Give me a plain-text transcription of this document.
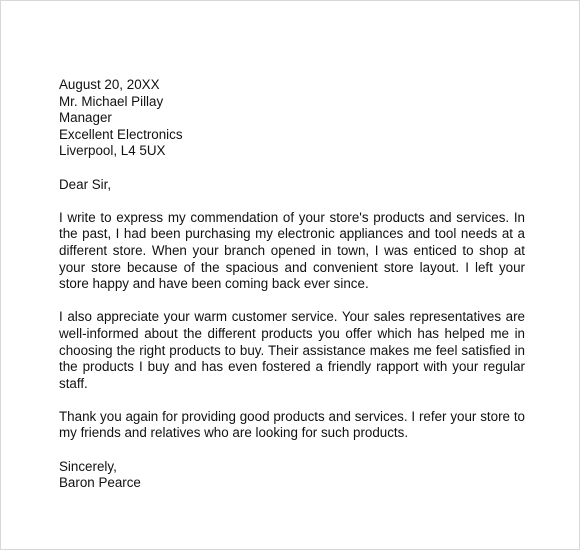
August 20, 20XX
Mr. Michael Pillay
Manager
Excellent Electronics
Liverpool, L4 5UX
Dear Sir,

I write to express my commendation of your store's products and services. In the past, I had been purchasing my electronic appliances and tool needs at a different store. When your branch opened in town, I was enticed to shop at your store because of the spacious and convenient store layout. I left your store happy and have been coming back ever since.

I also appreciate your warm customer service. Your sales representatives are well-informed about the different products you offer which has helped me in choosing the right products to buy. Their assistance makes me feel satisfied in the products I buy and has even fostered a friendly rapport with your regular staff.

Thank you again for providing good products and services. I refer your store to my friends and relatives who are looking for such products.

Sincerely,
Baron Pearce
